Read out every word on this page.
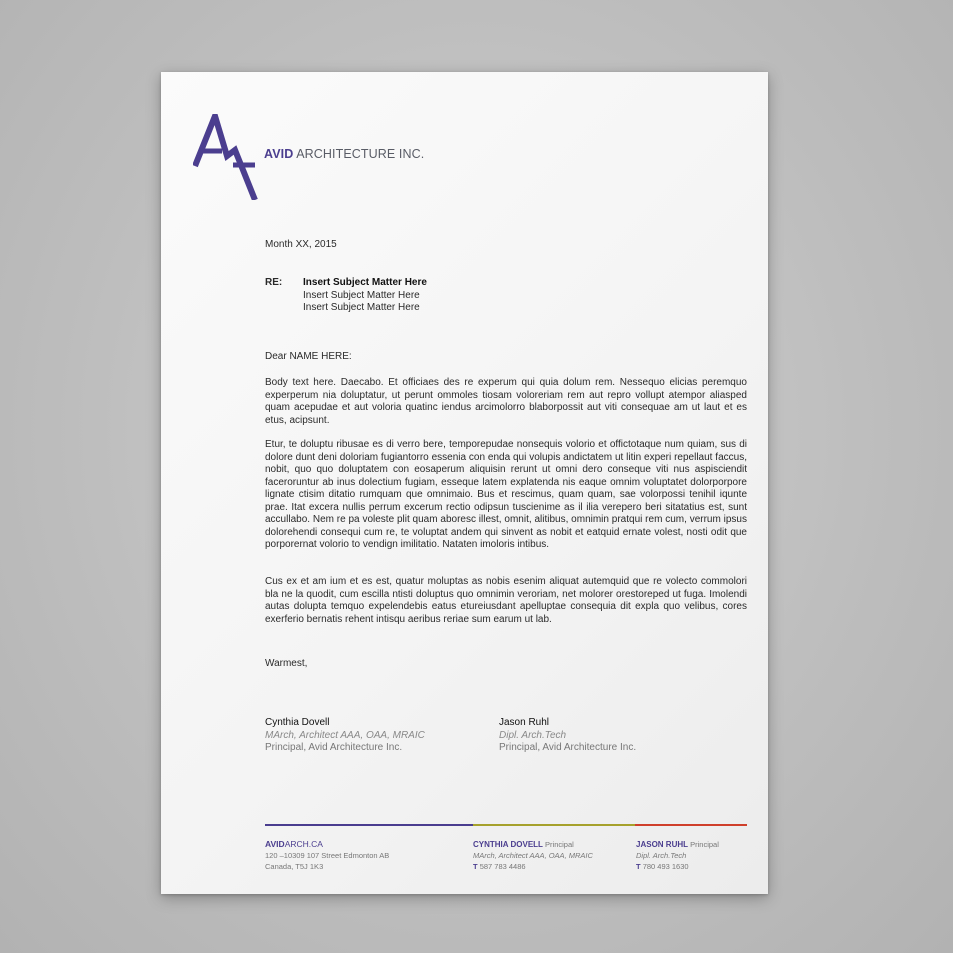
AVID ARCHITECTURE INC.
Month XX, 2015
RE: Insert Subject Matter Here
Insert Subject Matter Here
Insert Subject Matter Here
Dear NAME HERE:
Body text here. Daecabo. Et officiaes des re experum qui quia dolum rem. Nessequo elicias peremquo experperum nia doluptatur, ut perunt ommoles tiosam voloreriam rem aut repro vollupt atempor aliasped quam acepudae et aut voloria quatinc iendus arcimolorro blaborpossit aut viti consequae am ut laut et es etus, acipsunt.
Etur, te doluptu ribusae es di verro bere, temporepudae nonsequis volorio et offictotaque num quiam, sus di dolore dunt deni doloriam fugiantorro essenia con enda qui volupis andictatem ut litin experi repellaut faccus, nobit, quo quo doluptatem con eosaperum aliquisin rerunt ut omni dero conseque viti nus aspisciendit faceroruntur ab inus dolectium fugiam, esseque latem explatenda nis eaque omnim voluptatet dolorporpore lignate ctisim ditatio rumquam que omnimaio. Bus et rescimus, quam quam, sae volorpossi tenihil iqunte prae. Itat excera nullis perrum excerum rectio odipsun tuscienime as il ilia verepero beri sitatatius est, sunt accullabo. Nem re pa voleste plit quam aboresc illest, omnit, alitibus, omnimin pratqui rem cum, verrum ipsus dolorehendi consequi cum re, te voluptat andem qui sinvent as nobit et eatquid ernate volest, nosti odit que porporernat volorio to vendign imilitatio. Nataten imoloris intibus.
Cus ex et am ium et es est, quatur moluptas as nobis esenim aliquat autemquid que re volecto commolori bla ne la quodit, cum escilla ntisti doluptus quo omnimin veroriam, net molorer orestoreped ut fuga. Imolendi autas dolupta temquo expelendebis eatus etureiusdant apelluptae consequia dit expla quo velibus, cores exerferio bernatis rehent intisqu aeribus reriae sum earum ut lab.
Warmest,
Cynthia Dovell
MArch, Architect AAA, OAA, MRAIC
Principal, Avid Architecture Inc.
Jason Ruhl
Dipl. Arch.Tech
Principal, Avid Architecture Inc.
AVIDARCH.CA
120 –10309 107 Street Edmonton AB
Canada, T5J 1K3
CYNTHIA DOVELL Principal
MArch, Architect AAA, OAA, MRAIC
T 587 783 4486
JASON RUHL Principal
Dipl. Arch.Tech
T 780 493 1630
